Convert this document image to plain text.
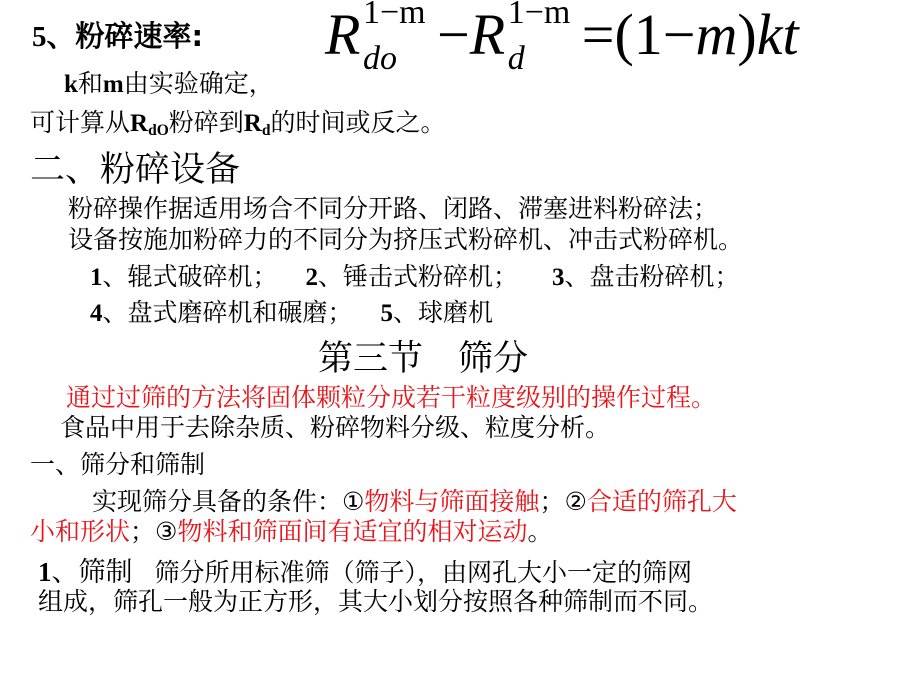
5、粉碎速率: R 1−m
do −R 1−m
d =(1−m)kt
k和m由实验确定，
可计算从$R_{dO}$粉碎到$R_d$的时间或反之。
二、粉碎设备
粉碎操作据适用场合不同分开路、闭路、滞塞进料粉碎法；
设备按施加粉碎力的不同分为挤压式粉碎机、冲击式粉碎机。
1、辊式破碎机； 2、锤击式粉碎机； 3、盘击粉碎机；
4、盘式磨碎机和碾磨； 5、球磨机
第三节　筛分
通过过筛的方法将固体颗粒分成若干粒度级别的操作过程。
食品中用于去除杂质、粉碎物料分级、粒度分析。
一、筛分和筛制
实现筛分具备的条件：①物料与筛面接触；②合适的筛孔大
小和形状；③物料和筛面间有适宜的相对运动。
1、筛制 筛分所用标准筛（筛子），由网孔大小一定的筛网
组成，筛孔一般为正方形，其大小划分按照各种筛制而不同。
